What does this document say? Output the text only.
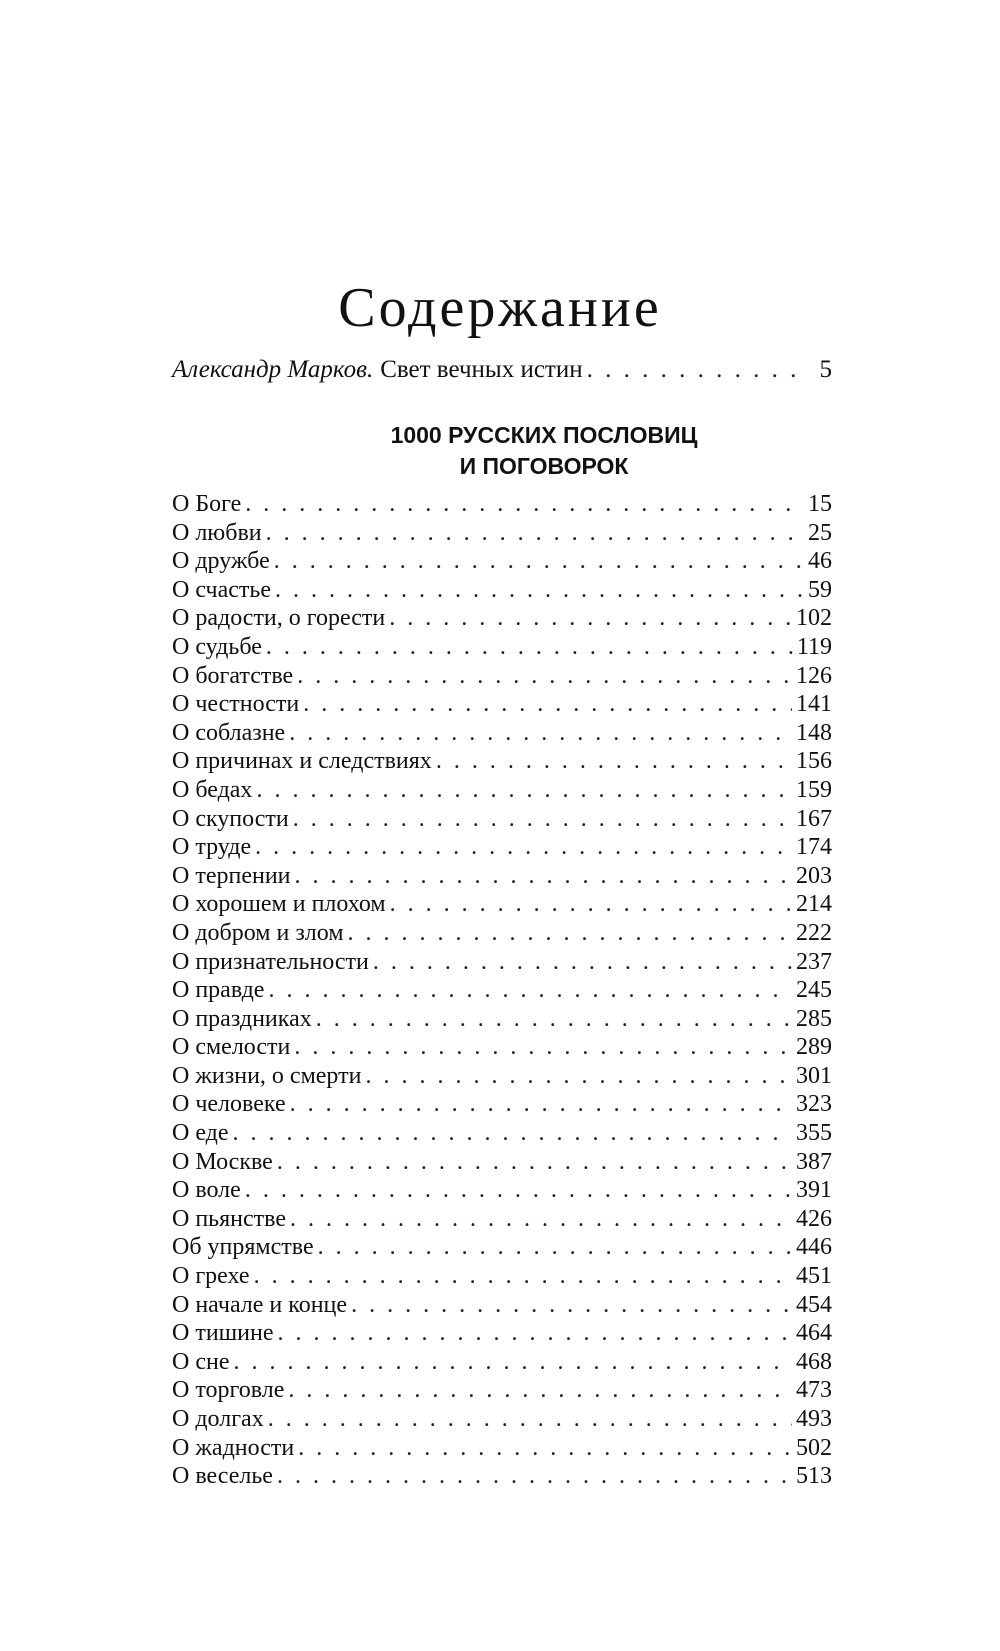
Содержание
Александр Марков. Свет вечных истин . . .	5
1000 РУССКИХ ПОСЛОВИЦ
И ПОГОВОРОК
О Боге . . .	15
О любви . . .	25
О дружбе . . .	46
О счастье . . .	59
О радости, о горести . . .	102
О судьбе . . .	119
О богатстве . . .	126
О честности . . .	141
О соблазне . . .	148
О причинах и следствиях . . .	156
О бедах . . .	159
О скупости . . .	167
О труде . . .	174
О терпении . . .	203
О хорошем и плохом . . .	214
О добром и злом . . .	222
О признательности . . .	237
О правде . . .	245
О праздниках . . .	285
О смелости . . .	289
О жизни, о смерти . . .	301
О человеке . . .	323
О еде . . .	355
О Москве . . .	387
О воле . . .	391
О пьянстве . . .	426
Об упрямстве . . .	446
О грехе . . .	451
О начале и конце . . .	454
О тишине . . .	464
О сне . . .	468
О торговле . . .	473
О долгах . . .	493
О жадности . . .	502
О веселье . . .	513
